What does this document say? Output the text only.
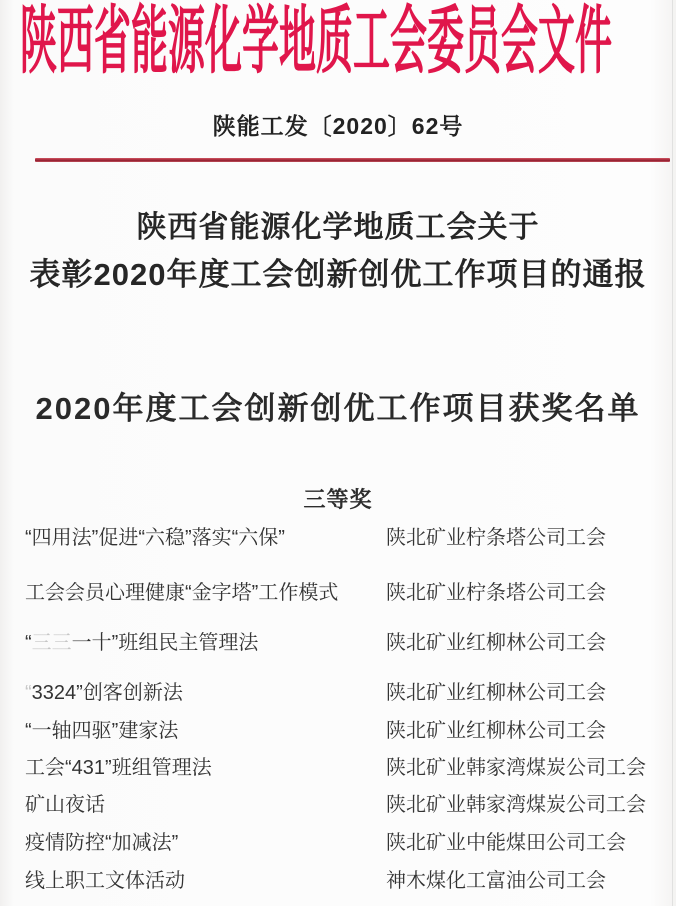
陕西省能源化学地质工会委员会文件
陕能工发〔2020〕62号
陕西省能源化学地质工会关于
表彰2020年度工会创新创优工作项目的通报
2020年度工会创新创优工作项目获奖名单
三等奖
“四用法”促进“六稳”落实“六保”	陕北矿业柠条塔公司工会
工会会员心理健康“金字塔”工作模式	陕北矿业柠条塔公司工会
“三三一十”班组民主管理法	陕北矿业红柳林公司工会
“3324”创客创新法	陕北矿业红柳林公司工会
“一轴四驱”建家法	陕北矿业红柳林公司工会
工会“431”班组管理法	陕北矿业韩家湾煤炭公司工会
矿山夜话	陕北矿业韩家湾煤炭公司工会
疫情防控“加减法”	陕北矿业中能煤田公司工会
线上职工文体活动	神木煤化工富油公司工会
